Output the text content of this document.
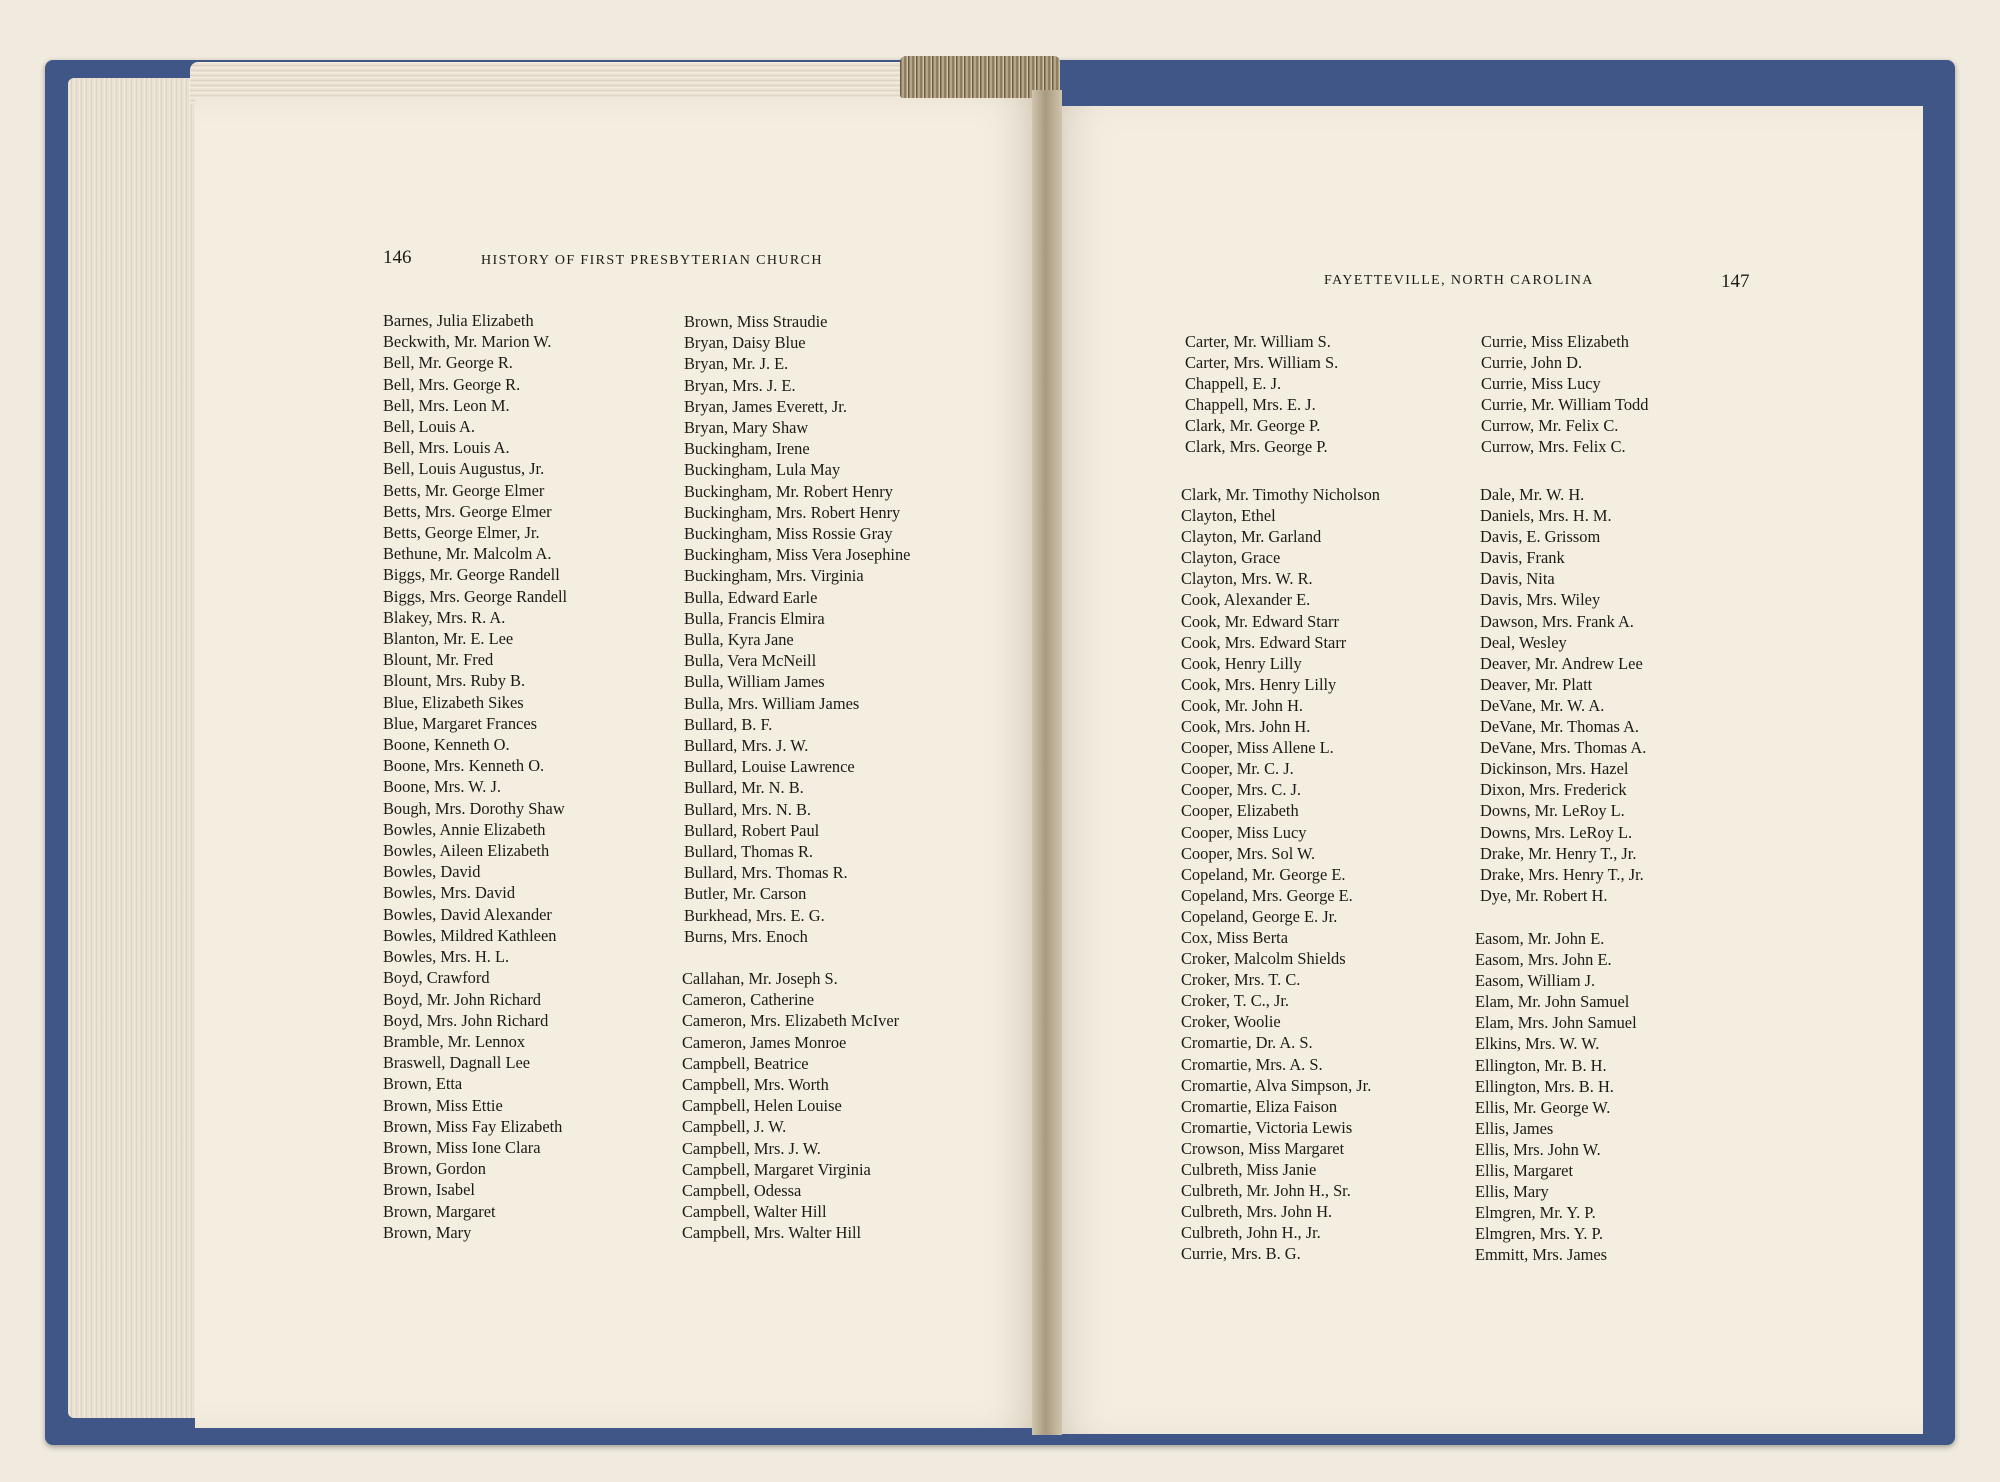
146	HISTORY OF FIRST PRESBYTERIAN CHURCH
FAYETTEVILLE, NORTH CAROLINA	147
Barnes, Julia Elizabeth
Beckwith, Mr. Marion W.
Bell, Mr. George R.
Bell, Mrs. George R.
Bell, Mrs. Leon M.
Bell, Louis A.
Bell, Mrs. Louis A.
Bell, Louis Augustus, Jr.
Betts, Mr. George Elmer
Betts, Mrs. George Elmer
Betts, George Elmer, Jr.
Bethune, Mr. Malcolm A.
Biggs, Mr. George Randell
Biggs, Mrs. George Randell
Blakey, Mrs. R. A.
Blanton, Mr. E. Lee
Blount, Mr. Fred
Blount, Mrs. Ruby B.
Blue, Elizabeth Sikes
Blue, Margaret Frances
Boone, Kenneth O.
Boone, Mrs. Kenneth O.
Boone, Mrs. W. J.
Bough, Mrs. Dorothy Shaw
Bowles, Annie Elizabeth
Bowles, Aileen Elizabeth
Bowles, David
Bowles, Mrs. David
Bowles, David Alexander
Bowles, Mildred Kathleen
Bowles, Mrs. H. L.
Boyd, Crawford
Boyd, Mr. John Richard
Boyd, Mrs. John Richard
Bramble, Mr. Lennox
Braswell, Dagnall Lee
Brown, Etta
Brown, Miss Ettie
Brown, Miss Fay Elizabeth
Brown, Miss Ione Clara
Brown, Gordon
Brown, Isabel
Brown, Margaret
Brown, Mary
Brown, Miss Straudie
Bryan, Daisy Blue
Bryan, Mr. J. E.
Bryan, Mrs. J. E.
Bryan, James Everett, Jr.
Bryan, Mary Shaw
Buckingham, Irene
Buckingham, Lula May
Buckingham, Mr. Robert Henry
Buckingham, Mrs. Robert Henry
Buckingham, Miss Rossie Gray
Buckingham, Miss Vera Josephine
Buckingham, Mrs. Virginia
Bulla, Edward Earle
Bulla, Francis Elmira
Bulla, Kyra Jane
Bulla, Vera McNeill
Bulla, William James
Bulla, Mrs. William James
Bullard, B. F.
Bullard, Mrs. J. W.
Bullard, Louise Lawrence
Bullard, Mr. N. B.
Bullard, Mrs. N. B.
Bullard, Robert Paul
Bullard, Thomas R.
Bullard, Mrs. Thomas R.
Butler, Mr. Carson
Burkhead, Mrs. E. G.
Burns, Mrs. Enoch
Callahan, Mr. Joseph S.
Cameron, Catherine
Cameron, Mrs. Elizabeth McIver
Cameron, James Monroe
Campbell, Beatrice
Campbell, Mrs. Worth
Campbell, Helen Louise
Campbell, J. W.
Campbell, Mrs. J. W.
Campbell, Margaret Virginia
Campbell, Odessa
Campbell, Walter Hill
Campbell, Mrs. Walter Hill
Carter, Mr. William S.
Carter, Mrs. William S.
Chappell, E. J.
Chappell, Mrs. E. J.
Clark, Mr. George P.
Clark, Mrs. George P.
Clark, Mr. Timothy Nicholson
Clayton, Ethel
Clayton, Mr. Garland
Clayton, Grace
Clayton, Mrs. W. R.
Cook, Alexander E.
Cook, Mr. Edward Starr
Cook, Mrs. Edward Starr
Cook, Henry Lilly
Cook, Mrs. Henry Lilly
Cook, Mr. John H.
Cook, Mrs. John H.
Cooper, Miss Allene L.
Cooper, Mr. C. J.
Cooper, Mrs. C. J.
Cooper, Elizabeth
Cooper, Miss Lucy
Cooper, Mrs. Sol W.
Copeland, Mr. George E.
Copeland, Mrs. George E.
Copeland, George E. Jr.
Cox, Miss Berta
Croker, Malcolm Shields
Croker, Mrs. T. C.
Croker, T. C., Jr.
Croker, Woolie
Cromartie, Dr. A. S.
Cromartie, Mrs. A. S.
Cromartie, Alva Simpson, Jr.
Cromartie, Eliza Faison
Cromartie, Victoria Lewis
Crowson, Miss Margaret
Culbreth, Miss Janie
Culbreth, Mr. John H., Sr.
Culbreth, Mrs. John H.
Culbreth, John H., Jr.
Currie, Mrs. B. G.
Currie, Miss Elizabeth
Currie, John D.
Currie, Miss Lucy
Currie, Mr. William Todd
Currow, Mr. Felix C.
Currow, Mrs. Felix C.
Dale, Mr. W. H.
Daniels, Mrs. H. M.
Davis, E. Grissom
Davis, Frank
Davis, Nita
Davis, Mrs. Wiley
Dawson, Mrs. Frank A.
Deal, Wesley
Deaver, Mr. Andrew Lee
Deaver, Mr. Platt
DeVane, Mr. W. A.
DeVane, Mr. Thomas A.
DeVane, Mrs. Thomas A.
Dickinson, Mrs. Hazel
Dixon, Mrs. Frederick
Downs, Mr. LeRoy L.
Downs, Mrs. LeRoy L.
Drake, Mr. Henry T., Jr.
Drake, Mrs. Henry T., Jr.
Dye, Mr. Robert H.
Easom, Mr. John E.
Easom, Mrs. John E.
Easom, William J.
Elam, Mr. John Samuel
Elam, Mrs. John Samuel
Elkins, Mrs. W. W.
Ellington, Mr. B. H.
Ellington, Mrs. B. H.
Ellis, Mr. George W.
Ellis, James
Ellis, Mrs. John W.
Ellis, Margaret
Ellis, Mary
Elmgren, Mr. Y. P.
Elmgren, Mrs. Y. P.
Emmitt, Mrs. James
